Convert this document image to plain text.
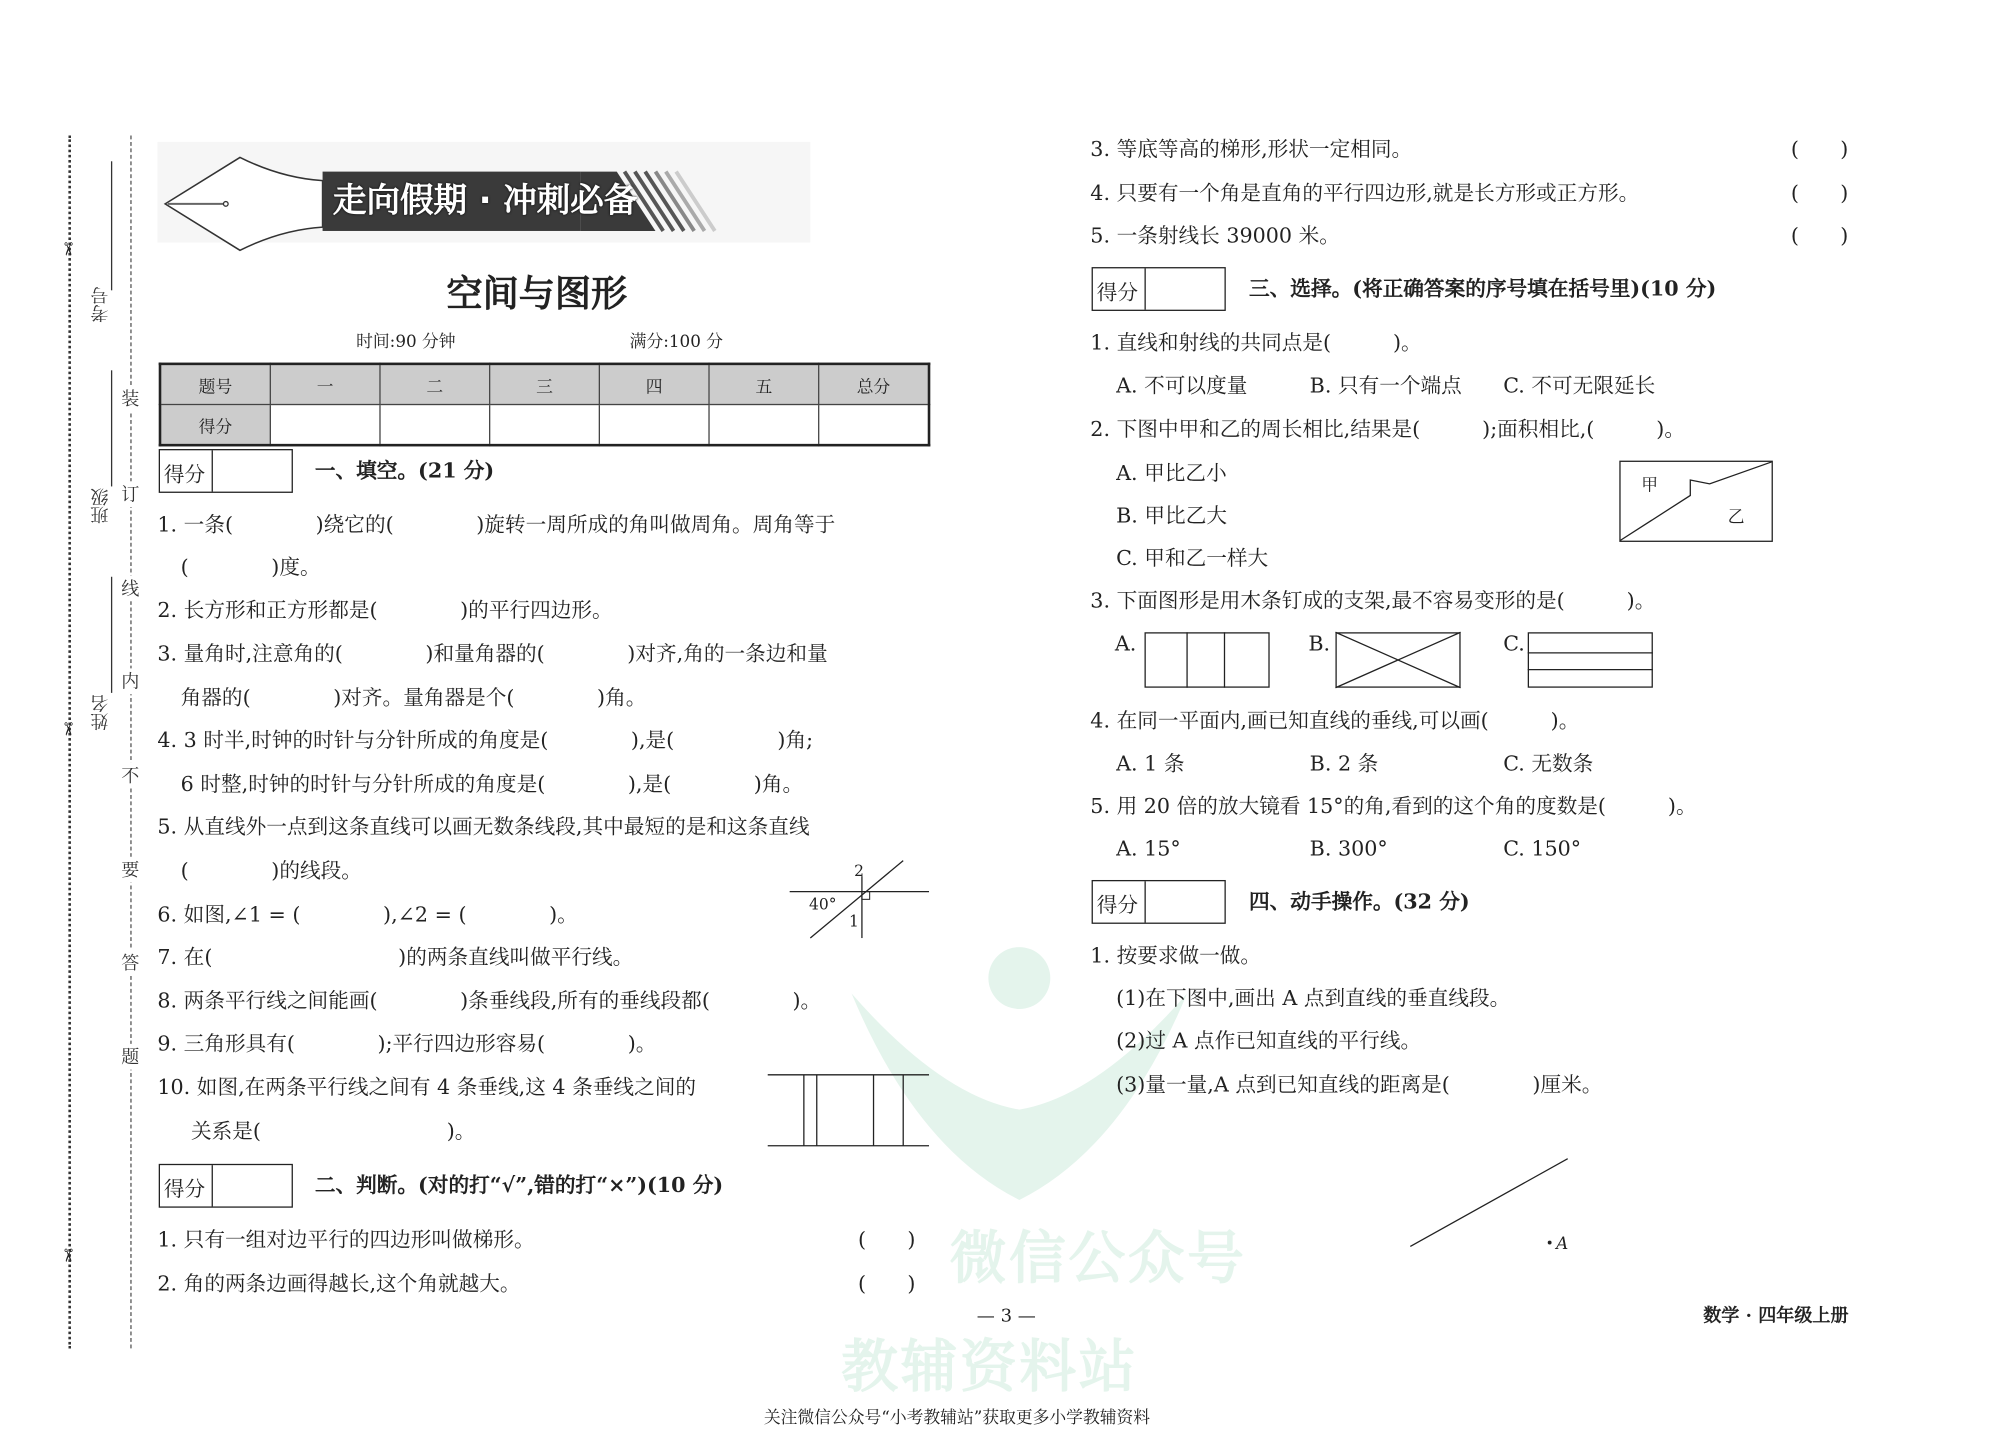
微信公众号
教辅资料站
✂
✂
✂
考号
班级
姓名
装
订
线
内
不
要
答
题
走向假期 · 冲刺必备
空间与图形
时间:90 分钟	满分:100 分
题号	一	二	三	四	五	总分
得分						
得分	一、填空。(21 分)
1. 一条(　　　　)绕它的(　　　　)旋转一周所成的角叫做周角。周角等于
(　　　　)度。
2. 长方形和正方形都是(　　　　)的平行四边形。
3. 量角时,注意角的(　　　　)和量角器的(　　　　)对齐,角的一条边和量
角器的(　　　　)对齐。量角器是个(　　　　)角。
4. 3 时半,时钟的时针与分针所成的角度是(　　　　),是(　　　　　)角;
6 时整,时钟的时针与分针所成的角度是(　　　　),是(　　　　)角。
5. 从直线外一点到这条直线可以画无数条线段,其中最短的是和这条直线
(　　　　)的线段。
6. 如图,∠1 = (　　　　),∠2 = (　　　　)。
7. 在(　　　　　　　　　)的两条直线叫做平行线。
8. 两条平行线之间能画(　　　　)条垂线段,所有的垂线段都(　　　　)。
9. 三角形具有(　　　　);平行四边形容易(　　　　)。
10. 如图,在两条平行线之间有 4 条垂线,这 4 条垂线之间的
关系是(　　　　　　　　　)。
40°
1
2
得分	二、判断。(对的打“√”,错的打“×”)(10 分)
1. 只有一组对边平行的四边形叫做梯形。	(　　)
2. 角的两条边画得越长,这个角就越大。	(　　)
3. 等底等高的梯形,形状一定相同。	(　　)
4. 只要有一个角是直角的平行四边形,就是长方形或正方形。	(　　)
5. 一条射线长 39000 米。	(　　)
得分	三、选择。(将正确答案的序号填在括号里)(10 分)
1. 直线和射线的共同点是(　　　)。
A. 不可以度量	B. 只有一个端点	C. 不可无限延长
2. 下图中甲和乙的周长相比,结果是(　　　);面积相比,(　　　)。
A. 甲比乙小
B. 甲比乙大
C. 甲和乙一样大
甲
乙
3. 下面图形是用木条钉成的支架,最不容易变形的是(　　　)。
A.	B.	C.
4. 在同一平面内,画已知直线的垂线,可以画(　　　)。
A. 1 条	B. 2 条	C. 无数条
5. 用 20 倍的放大镜看 15°的角,看到的这个角的度数是(　　　)。
A. 15°	B. 300°	C. 150°
得分	四、动手操作。(32 分)
1. 按要求做一做。
(1)在下图中,画出 A 点到直线的垂直线段。
(2)过 A 点作已知直线的平行线。
(3)量一量,A 点到已知直线的距离是(　　　　)厘米。
A
— 3 —	数学 · 四年级上册
关注微信公众号“小考教辅站”获取更多小学教辅资料
